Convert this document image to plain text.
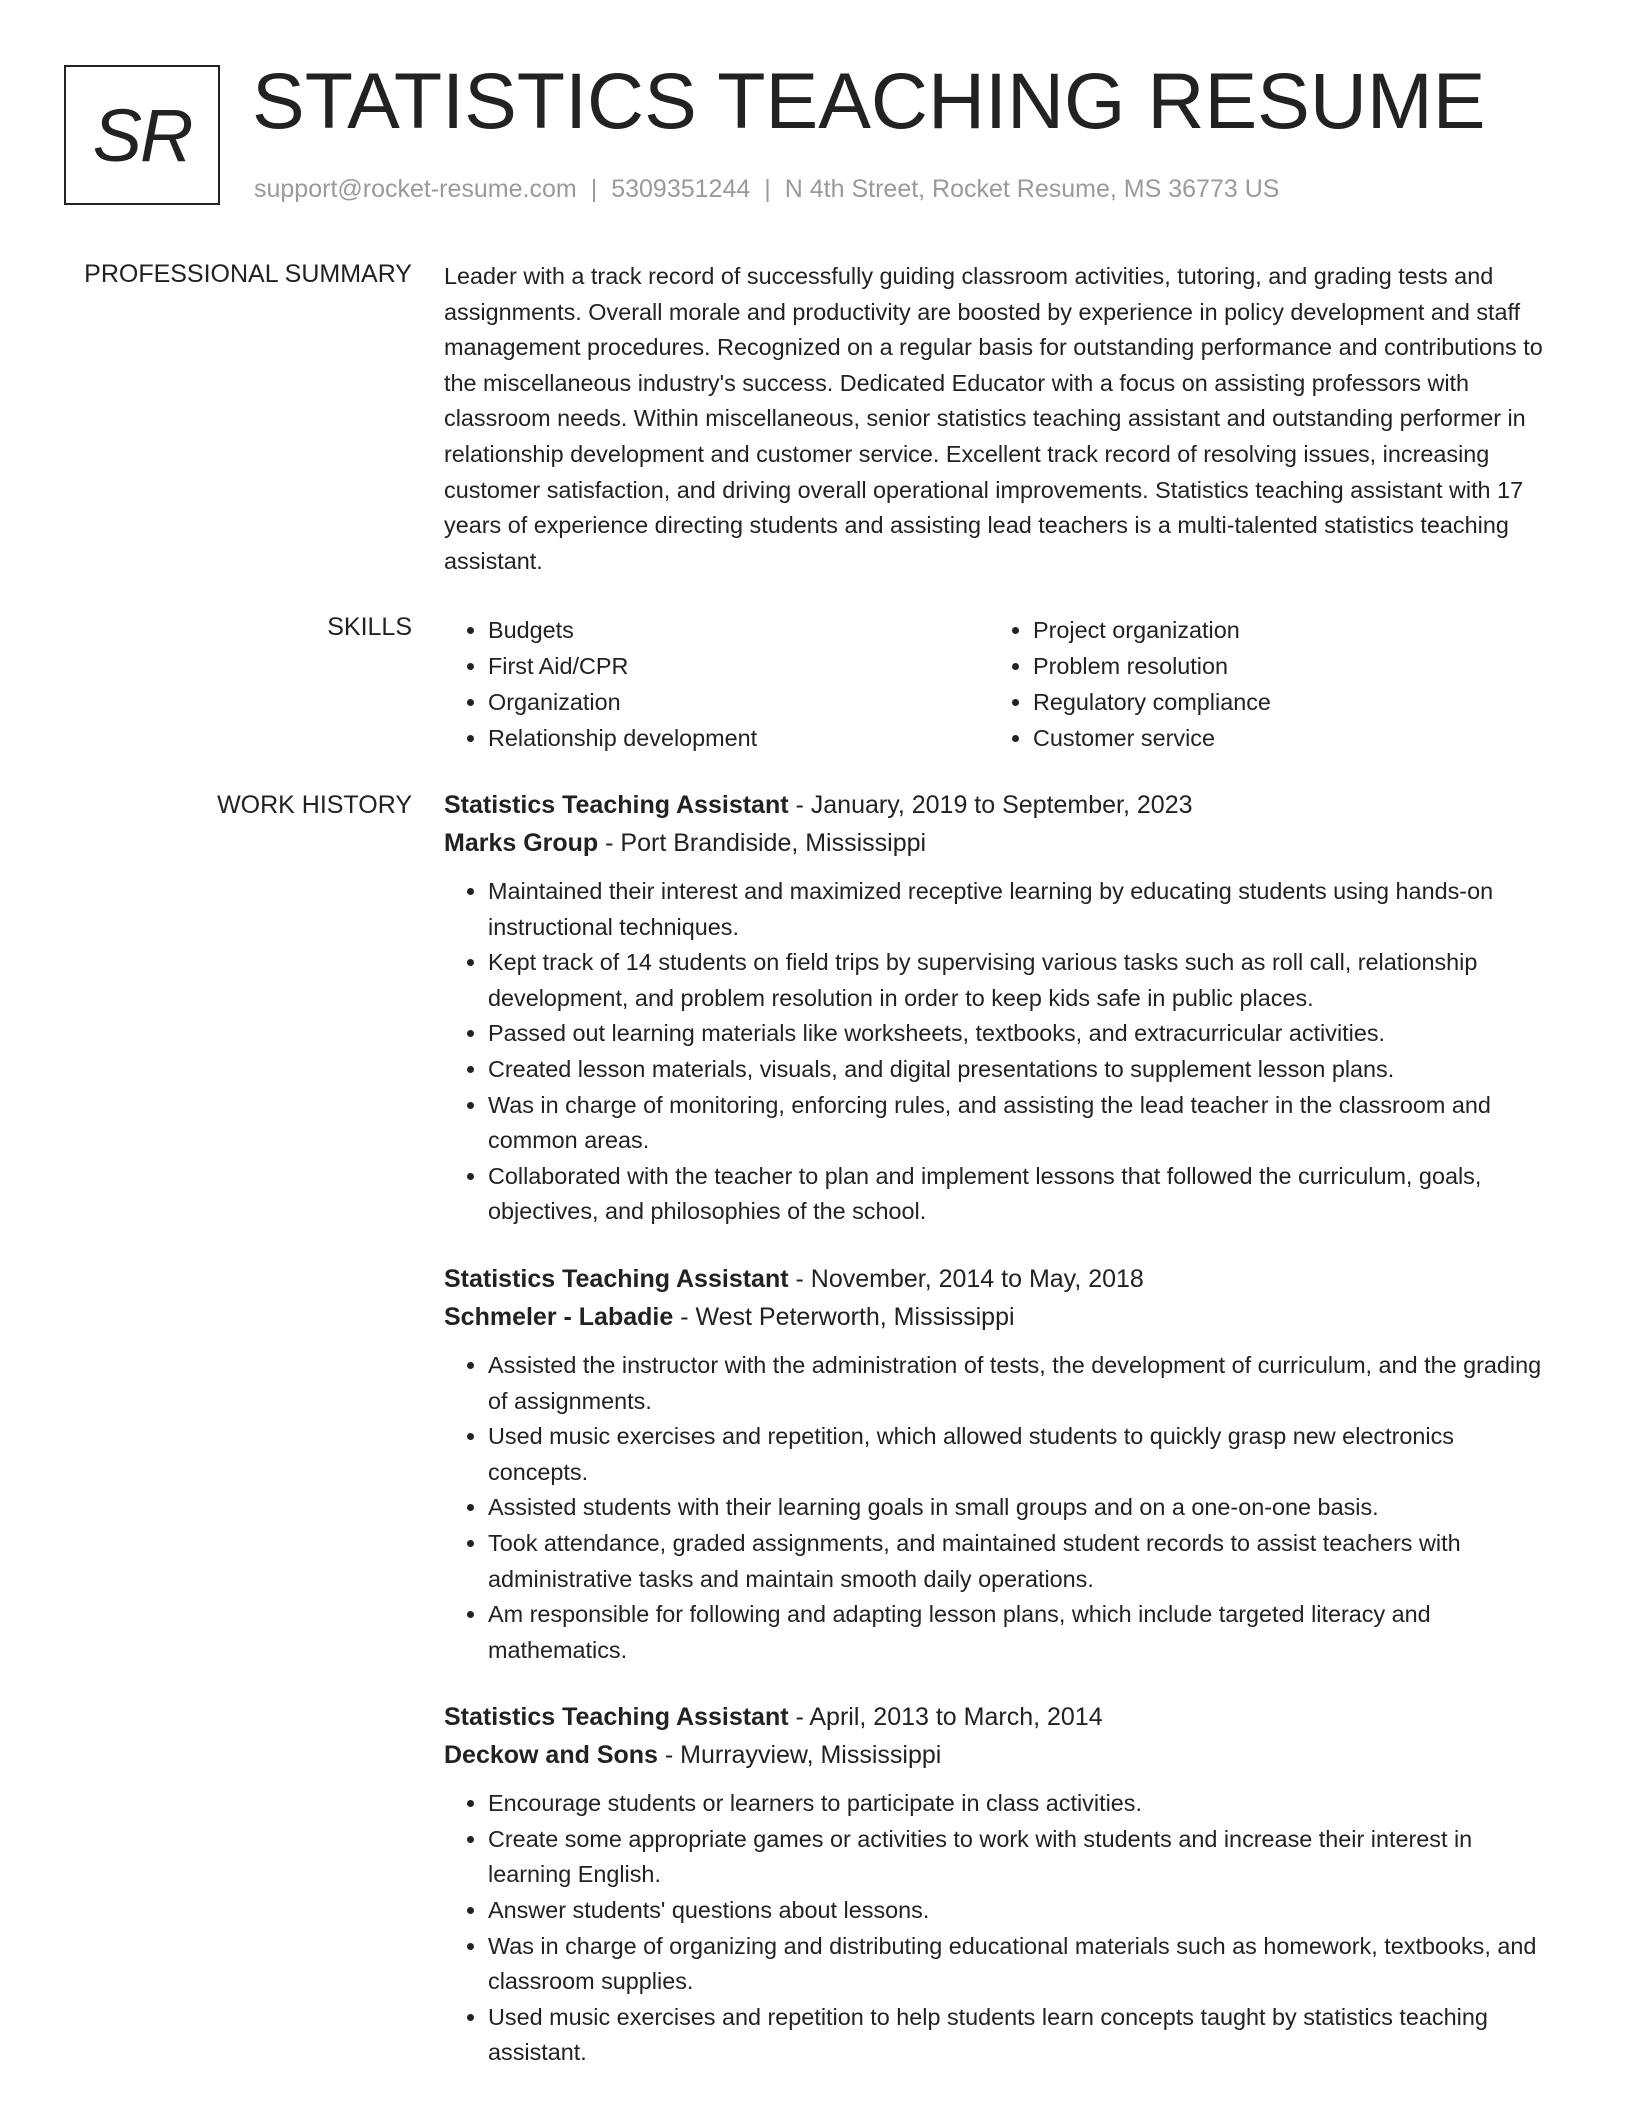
SR STATISTICS TEACHING RESUME
support@rocket-resume.com | 5309351244 | N 4th Street, Rocket Resume, MS 36773 US
PROFESSIONAL SUMMARY Leader with a track record of successfully guiding classroom activities, tutoring, and grading tests and assignments. Overall morale and productivity are boosted by experience in policy development and staff management procedures. Recognized on a regular basis for outstanding performance and contributions to the miscellaneous industry's success. Dedicated Educator with a focus on assisting professors with classroom needs. Within miscellaneous, senior statistics teaching assistant and outstanding performer in relationship development and customer service. Excellent track record of resolving issues, increasing customer satisfaction, and driving overall operational improvements. Statistics teaching assistant with 17 years of experience directing students and assisting lead teachers is a multi-talented statistics teaching assistant.

SKILLS
•	Budgets
• First Aid/CPR
• Organization
• Relationship development
• Project organization
• Problem resolution
• Regulatory compliance
• Customer service
WORK HISTORY Statistics Teaching Assistant - January, 2019 to September, 2023

Marks Group - Port Brandiside, Mississippi

• Maintained their interest and maximized receptive learning by educating students using hands-on instructional techniques.
• Kept track of 14 students on field trips by supervising various tasks such as roll call, relationship development, and problem resolution in order to keep kids safe in public places.
• Passed out learning materials like worksheets, textbooks, and extracurricular activities.
• Created lesson materials, visuals, and digital presentations to supplement lesson plans.
• Was in charge of monitoring, enforcing rules, and assisting the lead teacher in the classroom and common areas.
• Collaborated with the teacher to plan and implement lessons that followed the curriculum, goals, objectives, and philosophies of the school.

Statistics Teaching Assistant - November, 2014 to May, 2018

Schmeler - Labadie - West Peterworth, Mississippi

• Assisted the instructor with the administration of tests, the development of curriculum, and the grading of assignments.
• Used music exercises and repetition, which allowed students to quickly grasp new electronics concepts.
• Assisted students with their learning goals in small groups and on a one-on-one basis.
• Took attendance, graded assignments, and maintained student records to assist teachers with administrative tasks and maintain smooth daily operations.
• Am responsible for following and adapting lesson plans, which include targeted literacy and mathematics.

Statistics Teaching Assistant - April, 2013 to March, 2014

Deckow and Sons - Murrayview, Mississippi

• Encourage students or learners to participate in class activities.
• Create some appropriate games or activities to work with students and increase their interest in learning English.
• Answer students' questions about lessons.
• Was in charge of organizing and distributing educational materials such as homework, textbooks, and classroom supplies.
• Used music exercises and repetition to help students learn concepts taught by statistics teaching assistant.
